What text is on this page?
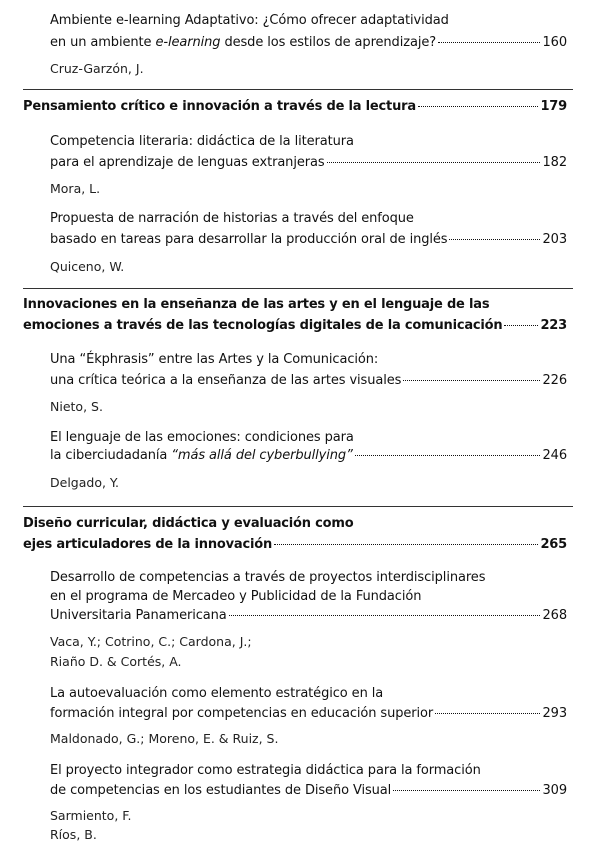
Ambiente e-learning Adaptativo: ¿Cómo ofrecer adaptatividad
en un ambiente e-learning desde los estilos de aprendizaje?	160
Cruz-Garzón, J.
Pensamiento crítico e innovación a través de la lectura	179
Competencia literaria: didáctica de la literatura
para el aprendizaje de lenguas extranjeras	182
Mora, L.
Propuesta de narración de historias a través del enfoque
basado en tareas para desarrollar la producción oral de inglés	203
Quiceno, W.
Innovaciones en la enseñanza de las artes y en el lenguaje de las
emociones a través de las tecnologías digitales de la comunicación	223
Una “Ékphrasis” entre las Artes y la Comunicación:
una crítica teórica a la enseñanza de las artes visuales	226
Nieto, S.
El lenguaje de las emociones: condiciones para
la ciberciudadanía “más allá del cyberbullying”	246
Delgado, Y.
Diseño curricular, didáctica y evaluación como
ejes articuladores de la innovación	265
Desarrollo de competencias a través de proyectos interdisciplinares
en el programa de Mercadeo y Publicidad de la Fundación
Universitaria Panamericana	268
Vaca, Y.; Cotrino, C.; Cardona, J.;
Riaño D. & Cortés, A.
La autoevaluación como elemento estratégico en la
formación integral por competencias en educación superior	293
Maldonado, G.; Moreno, E. & Ruiz, S.
El proyecto integrador como estrategia didáctica para la formación
de competencias en los estudiantes de Diseño Visual	309
Sarmiento, F.
Ríos, B.
